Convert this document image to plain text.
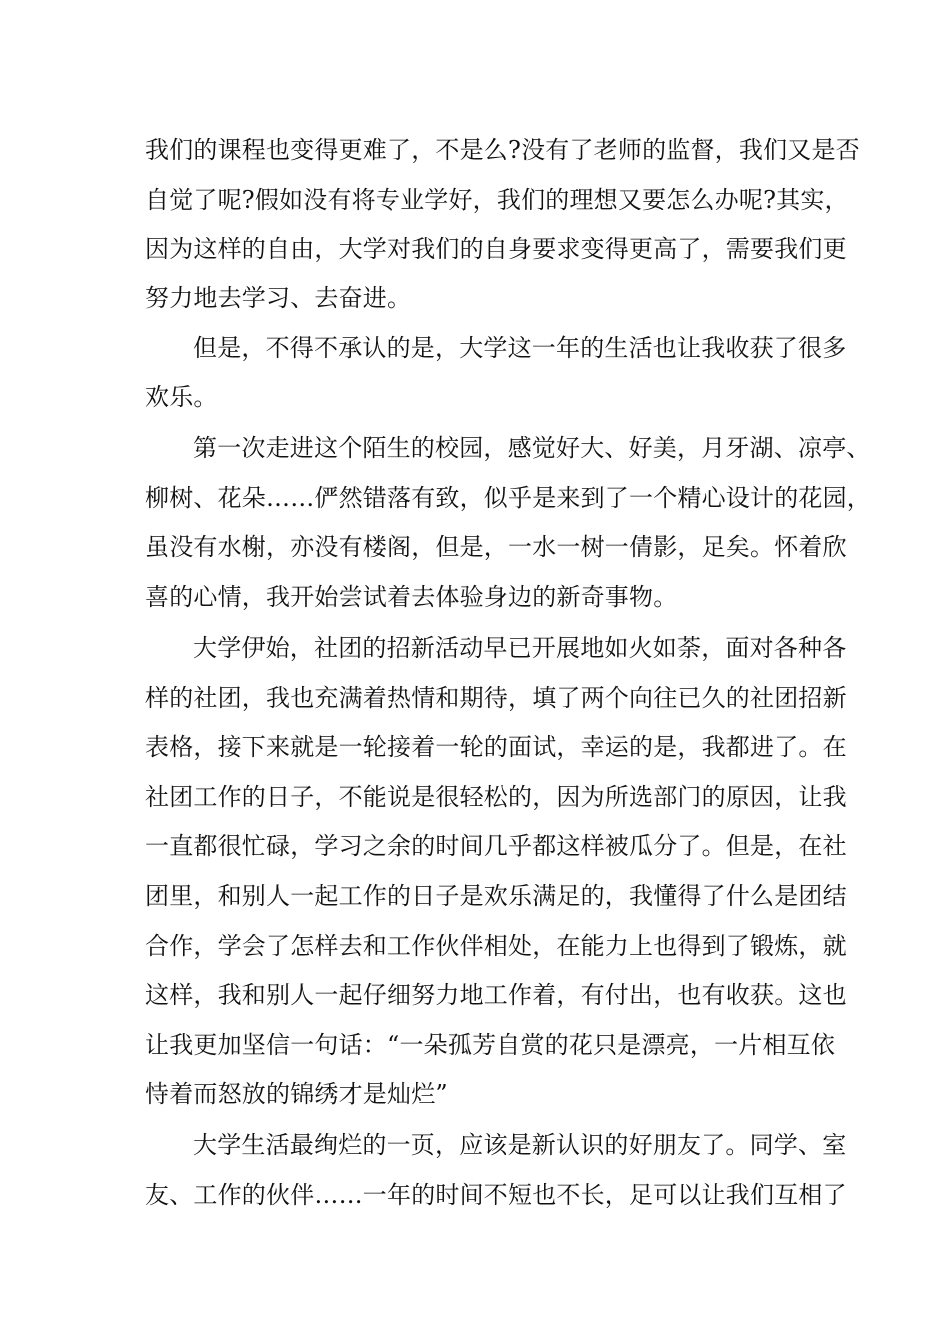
我们的课程也变得更难了，不是么?没有了老师的监督，我们又是否
自觉了呢?假如没有将专业学好，我们的理想又要怎么办呢?其实，
因为这样的自由，大学对我们的自身要求变得更高了，需要我们更
努力地去学习、去奋进。
但是，不得不承认的是，大学这一年的生活也让我收获了很多
欢乐。
第一次走进这个陌生的校园，感觉好大、好美，月牙湖、凉亭、
柳树、花朵……俨然错落有致，似乎是来到了一个精心设计的花园，
虽没有水榭，亦没有楼阁，但是，一水一树一倩影，足矣。怀着欣
喜的心情，我开始尝试着去体验身边的新奇事物。
大学伊始，社团的招新活动早已开展地如火如荼，面对各种各
样的社团，我也充满着热情和期待，填了两个向往已久的社团招新
表格，接下来就是一轮接着一轮的面试，幸运的是，我都进了。在
社团工作的日子，不能说是很轻松的，因为所选部门的原因，让我
一直都很忙碌，学习之余的时间几乎都这样被瓜分了。但是，在社
团里，和别人一起工作的日子是欢乐满足的，我懂得了什么是团结
合作，学会了怎样去和工作伙伴相处，在能力上也得到了锻炼，就
这样，我和别人一起仔细努力地工作着，有付出，也有收获。这也
让我更加坚信一句话：“一朵孤芳自赏的花只是漂亮，一片相互依
恃着而怒放的锦绣才是灿烂”
大学生活最绚烂的一页，应该是新认识的好朋友了。同学、室
友、工作的伙伴……一年的时间不短也不长，足可以让我们互相了
